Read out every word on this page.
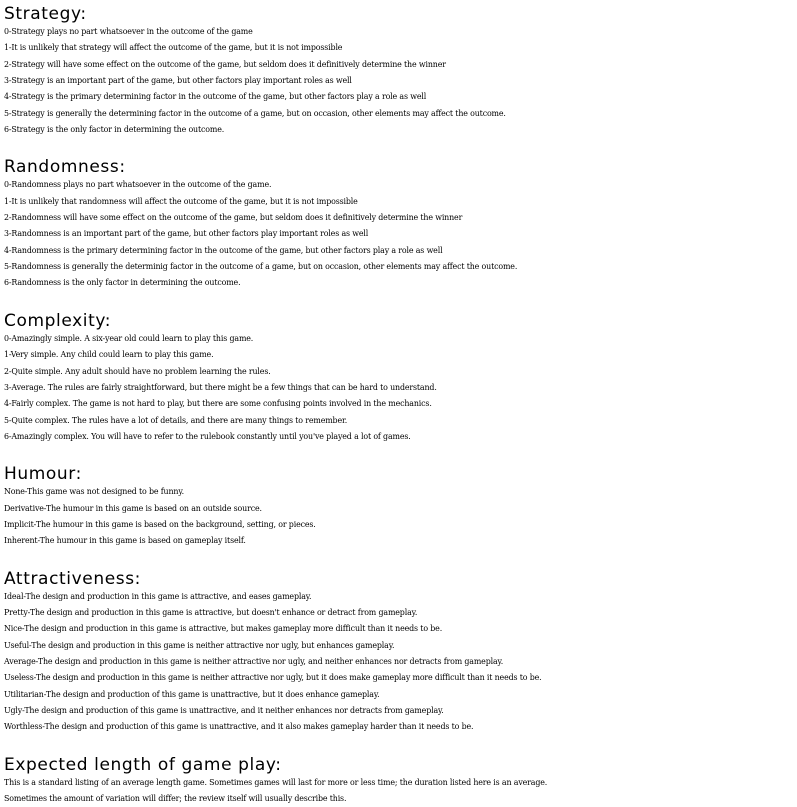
Strategy:
0-Strategy plays no part whatsoever in the outcome of the game
1-It is unlikely that strategy will affect the outcome of the game, but it is not impossible
2-Strategy will have some effect on the outcome of the game, but seldom does it definitively determine the winner
3-Strategy is an important part of the game, but other factors play important roles as well
4-Strategy is the primary determining factor in the outcome of the game, but other factors play a role as well
5-Strategy is generally the determining factor in the outcome of a game, but on occasion, other elements may affect the outcome.
6-Strategy is the only factor in determining the outcome.
Randomness:
0-Randomness plays no part whatsoever in the outcome of the game.
1-It is unlikely that randomness will affect the outcome of the game, but it is not impossible
2-Randomness will have some effect on the outcome of the game, but seldom does it definitively determine the winner
3-Randomness is an important part of the game, but other factors play important roles as well
4-Randomness is the primary determining factor in the outcome of the game, but other factors play a role as well
5-Randomness is generally the determinig factor in the outcome of a game, but on occasion, other elements may affect the outcome.
6-Randomness is the only factor in determining the outcome.
Complexity:
0-Amazingly simple. A six-year old could learn to play this game.
1-Very simple. Any child could learn to play this game.
2-Quite simple. Any adult should have no problem learning the rules.
3-Average. The rules are fairly straightforward, but there might be a few things that can be hard to understand.
4-Fairly complex. The game is not hard to play, but there are some confusing points involved in the mechanics.
5-Quite complex. The rules have a lot of details, and there are many things to remember.
6-Amazingly complex. You will have to refer to the rulebook constantly until you've played a lot of games.
Humour:
None-This game was not designed to be funny.
Derivative-The humour in this game is based on an outside source.
Implicit-The humour in this game is based on the background, setting, or pieces.
Inherent-The humour in this game is based on gameplay itself.
Attractiveness:
Ideal-The design and production in this game is attractive, and eases gameplay.
Pretty-The design and production in this game is attractive, but doesn't enhance or detract from gameplay.
Nice-The design and production in this game is attractive, but makes gameplay more difficult than it needs to be.
Useful-The design and production in this game is neither attractive nor ugly, but enhances gameplay.
Average-The design and production in this game is neither attractive nor ugly, and neither enhances nor detracts from gameplay.
Useless-The design and production in this game is neither attractive nor ugly, but it does make gameplay more difficult than it needs to be.
Utilitarian-The design and production of this game is unattractive, but it does enhance gameplay.
Ugly-The design and production of this game is unattractive, and it neither enhances nor detracts from gameplay.
Worthless-The design and production of this game is unattractive, and it also makes gameplay harder than it needs to be.
Expected length of game play:
This is a standard listing of an average length game. Sometimes games will last for more or less time; the duration listed here is an average.
Sometimes the amount of variation will differ; the review itself will usually describe this.
